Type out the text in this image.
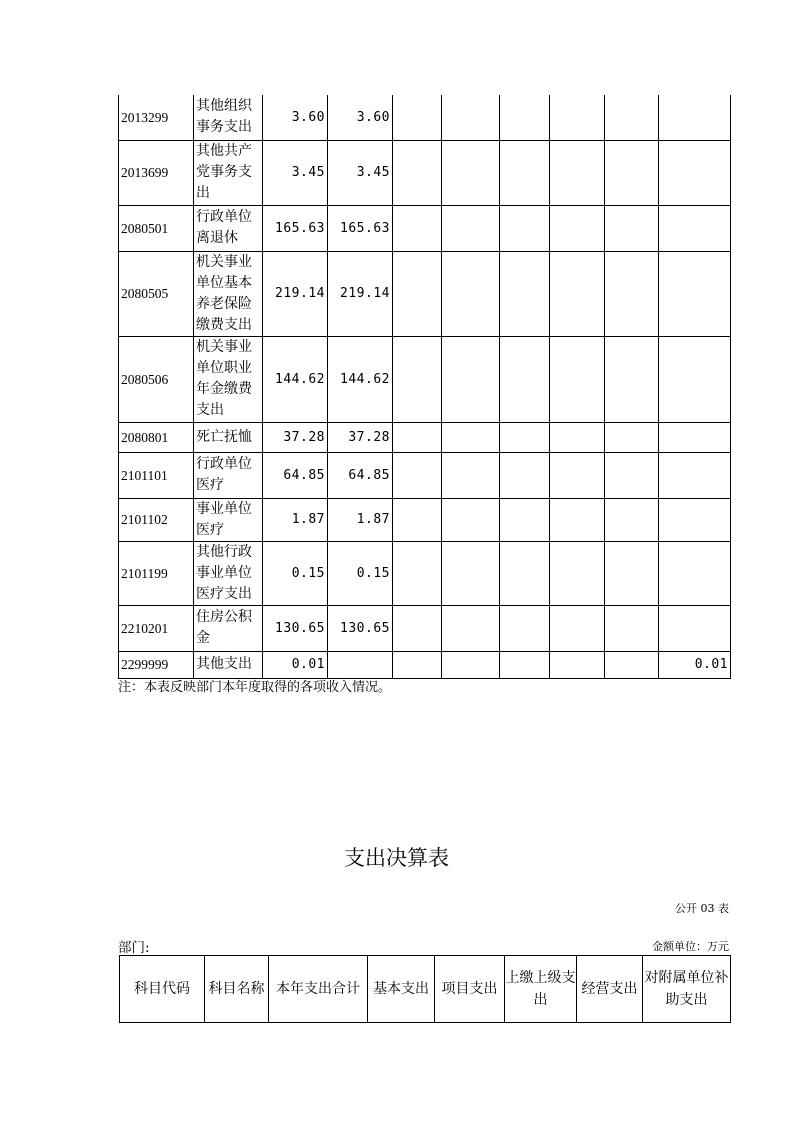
2013299	其他组织事务支出	3.60	3.60						
2013699	其他共产党事务支出	3.45	3.45						
2080501	行政单位离退休	165.63	165.63						
2080505	机关事业单位基本养老保险缴费支出	219.14	219.14						
2080506	机关事业单位职业年金缴费支出	144.62	144.62						
2080801	死亡抚恤	37.28	37.28						
2101101	行政单位医疗	64.85	64.85						
2101102	事业单位医疗	1.87	1.87						
2101199	其他行政事业单位医疗支出	0.15	0.15						
2210201	住房公积金	130.65	130.65						
2299999	其他支出	0.01							0.01
注：本表反映部门本年度取得的各项收入情况。
支出决算表
公开 03 表
部门:	金额单位：万元
科目代码	科目名称	本年支出合计	基本支出	项目支出	上缴上级支出	经营支出	对附属单位补助支出
